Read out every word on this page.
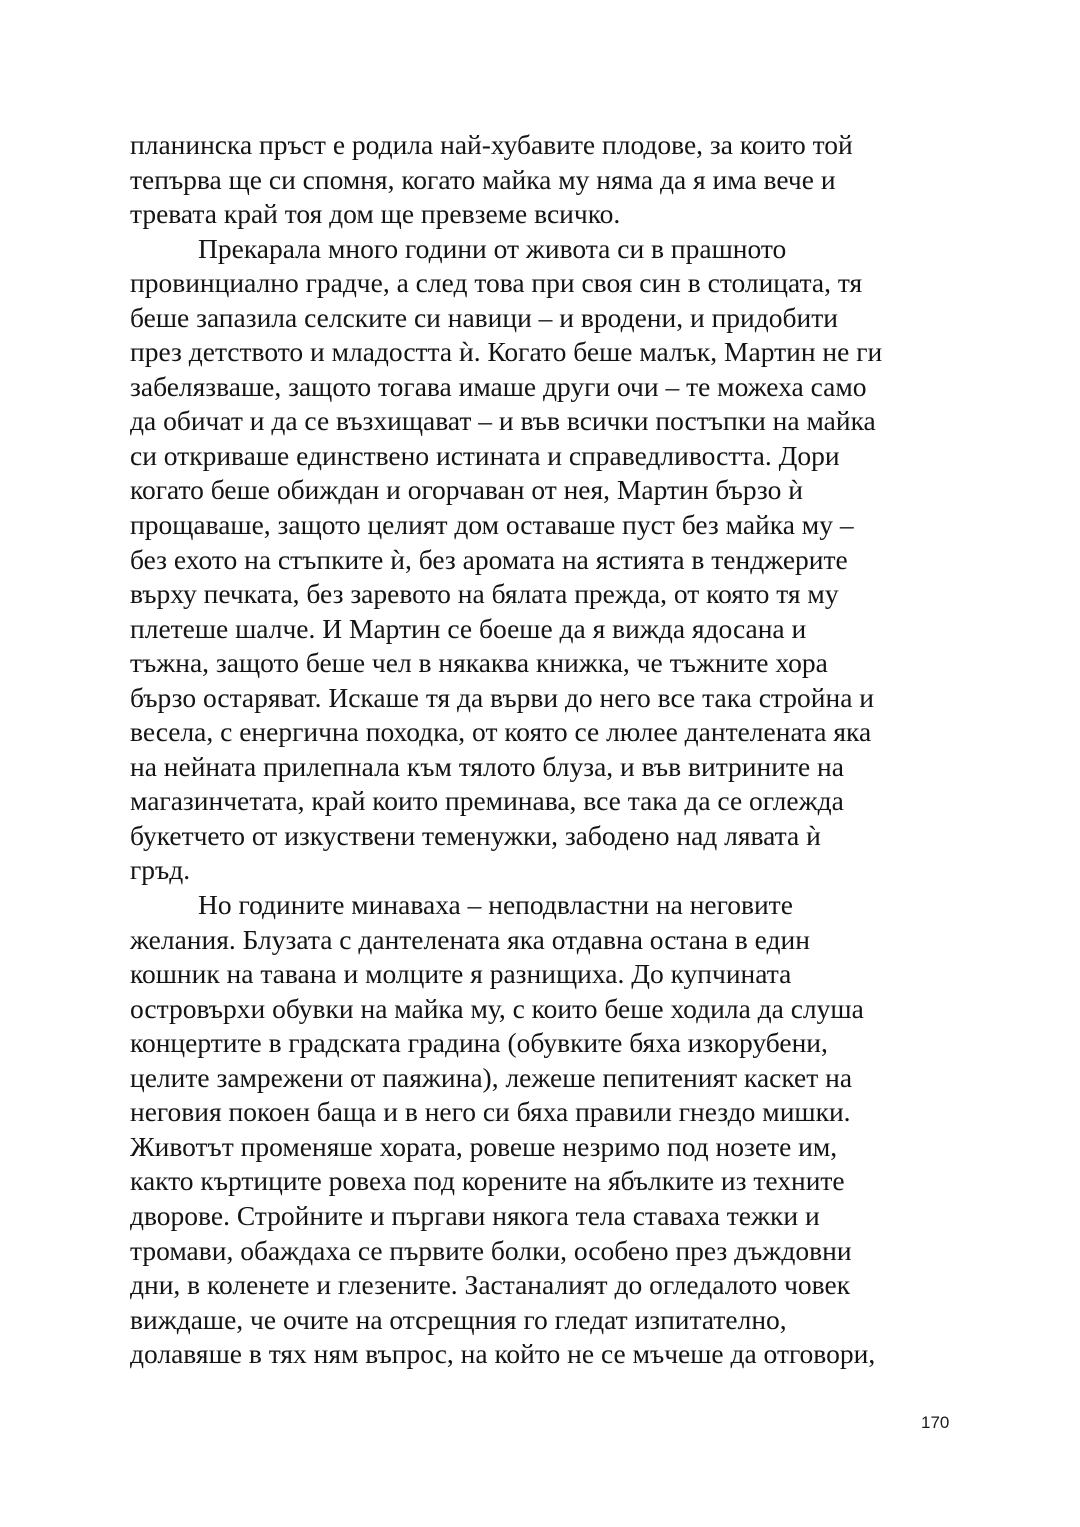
планинска пръст е родила най-хубавите плодове, за които той
тепърва ще си спомня, когато майка му няма да я има вече и
тревата край тоя дом ще превземе всичко.
Прекарала много години от живота си в прашното
провинциално градче, а след това при своя син в столицата, тя
беше запазила селските си навици – и вродени, и придобити
през детството и младостта ѝ. Когато беше малък, Мартин не ги
забелязваше, защото тогава имаше други очи – те можеха само
да обичат и да се възхищават – и във всички постъпки на майка
си откриваше единствено истината и справедливостта. Дори
когато беше обиждан и огорчаван от нея, Мартин бързо ѝ
прощаваше, защото целият дом оставаше пуст без майка му –
без ехото на стъпките ѝ, без аромата на ястията в тенджерите
върху печката, без заревото на бялата прежда, от която тя му
плетеше шалче. И Мартин се боеше да я вижда ядосана и
тъжна, защото беше чел в някаква книжка, че тъжните хора
бързо остаряват. Искаше тя да върви до него все така стройна и
весела, с енергична походка, от която се люлее дантелената яка
на нейната прилепнала към тялото блуза, и във витрините на
магазинчетата, край които преминава, все така да се оглежда
букетчето от изкуствени теменужки, забодено над лявата ѝ
гръд.
Но годините минаваха – неподвластни на неговите
желания. Блузата с дантелената яка отдавна остана в един
кошник на тавана и молците я разнищиха. До купчината
островърхи обувки на майка му, с които беше ходила да слуша
концертите в градската градина (обувките бяха изкорубени,
целите замрежени от паяжина), лежеше пепитеният каскет на
неговия покоен баща и в него си бяха правили гнездо мишки.
Животът променяше хората, ровеше незримо под нозете им,
както къртиците ровеха под корените на ябълките из техните
дворове. Стройните и пъргави някога тела ставаха тежки и
тромави, обаждаха се първите болки, особено през дъждовни
дни, в коленете и глезените. Застаналият до огледалото човек
виждаше, че очите на отсрещния го гледат изпитателно,
долавяше в тях ням въпрос, на който не се мъчеше да отговори,
170
